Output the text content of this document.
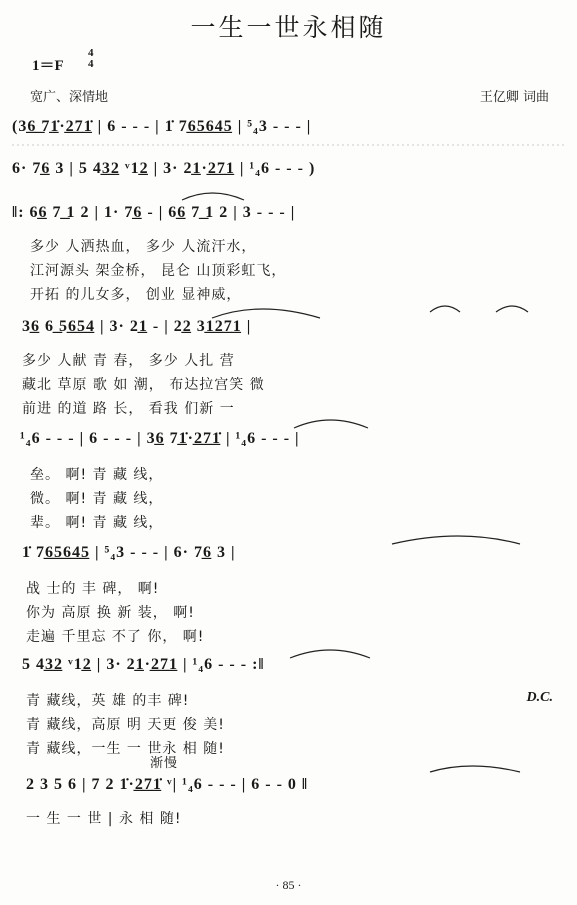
一生一世永相随
1＝F
4
4
宽广、深情地	王亿卿 词曲
(3͟6͟ 7͟1̇·͟2͟7͟1̇ | 6 - - - | 1̇ 7͟6͟5͟6͟4͟5 | ⁵₄3 - - - |
6· 7͟6 3 | 5 4͟3͟2 ᵛ1͟2 | 3· 2͟1·͟2͟7͟1 | ¹₄6 - - - )
‖: 6͟6 7͟ 1 2 | 1· 7͟6 - | 6͟6 7͟ 1 2 | 3 - - - |
多少 人洒热血， 多少 人流汗水，
江河源头 架金桥， 昆仑 山顶彩虹飞，
开拓 的儿女多， 创业 显神威，
3͟6 6͟ 5͟6͟5͟4 | 3· 2͟1 - | 2͟2 3͟1͟2͟7͟1 |
多少 人献 青 春， 多少 人扎 营
藏北 草原 歌 如 潮， 布达拉宫笑 微
前进 的道 路 长， 看我 们新 一
¹₄6 - - - | 6 - - - | 3͟6 7͟1̇·͟2͟7͟1̇ | ¹₄6 - - - |
垒。 啊! 青 藏 线，
微。 啊! 青 藏 线，
辈。 啊! 青 藏 线，
1̇ 7͟6͟5͟6͟4͟5 | ⁵₄3 - - - | 6· 7͟6 3 |
战 士的 丰 碑， 啊!
你为 高原 换 新 装， 啊!
走遍 千里忘 不了 你， 啊!
5 4͟3͟2 ᵛ1͟2 | 3· 2͟1·͟2͟7͟1 | ¹₄6 - - - :‖
青 藏线，英 雄 的丰 碑!
青 藏线，高原 明 天更 俊 美!
青 藏线，一生 一 世永 相 随!
D.C.
渐慢
2 3 5 6 | 7 2 1̇·͟2͟7͟1̇ ᵛ| ¹₄6 - - - | 6 - - 0 ‖
一 生 一 世 | 永 相 随!
· 85 ·
